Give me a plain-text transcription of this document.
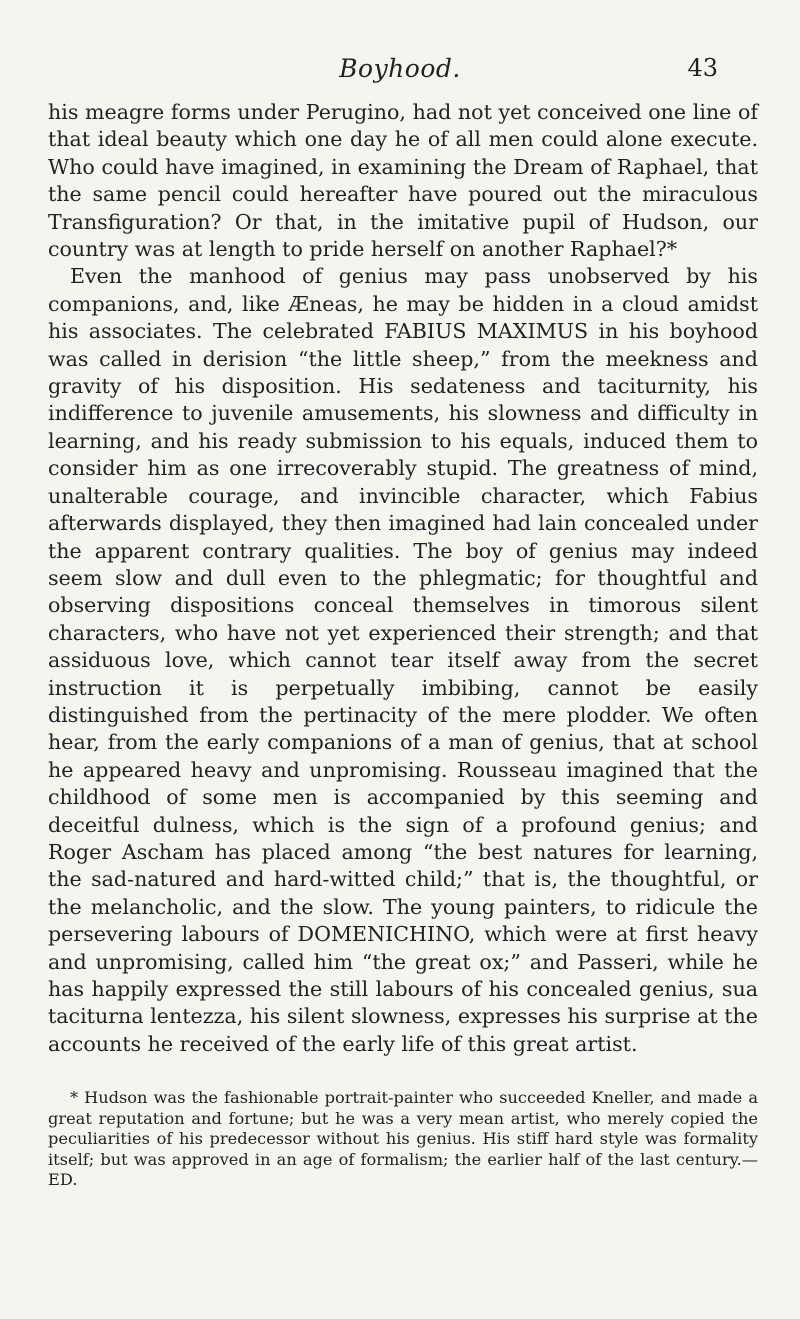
Boyhood.	43

his meagre forms under Perugino, had not yet conceived one line of that ideal beauty which one day he of all men could alone execute. Who could have imagined, in examining the Dream of Raphael, that the same pencil could hereafter have poured out the miraculous Transfiguration? Or that, in the imitative pupil of Hudson, our country was at length to pride herself on another Raphael?*

Even the manhood of genius may pass unobserved by his companions, and, like Æneas, he may be hidden in a cloud amidst his associates. The celebrated FABIUS MAXIMUS in his boyhood was called in derision “the little sheep,” from the meekness and gravity of his disposition. His sedateness and taciturnity, his indifference to juvenile amusements, his slowness and difficulty in learning, and his ready submission to his equals, induced them to consider him as one irrecoverably stupid. The greatness of mind, unalterable courage, and invincible character, which Fabius afterwards displayed, they then imagined had lain concealed under the apparent contrary qualities. The boy of genius may indeed seem slow and dull even to the phlegmatic; for thoughtful and observing dispositions conceal themselves in timorous silent characters, who have not yet experienced their strength; and that assiduous love, which cannot tear itself away from the secret instruction it is perpetually imbibing, cannot be easily distinguished from the pertinacity of the mere plodder. We often hear, from the early companions of a man of genius, that at school he appeared heavy and unpromising. Rousseau imagined that the childhood of some men is accompanied by this seeming and deceitful dulness, which is the sign of a profound genius; and Roger Ascham has placed among “the best natures for learning, the sad-natured and hard-witted child;” that is, the thoughtful, or the melancholic, and the slow. The young painters, to ridicule the persevering labours of DOMENICHINO, which were at first heavy and unpromising, called him “the great ox;” and Passeri, while he has happily expressed the still labours of his concealed genius, sua taciturna lentezza, his silent slowness, expresses his surprise at the accounts he received of the early life of this great artist.

* Hudson was the fashionable portrait-painter who succeeded Kneller, and made a great reputation and fortune; but he was a very mean artist, who merely copied the peculiarities of his predecessor without his genius. His stiff hard style was formality itself; but was approved in an age of formalism; the earlier half of the last century.—ED.
